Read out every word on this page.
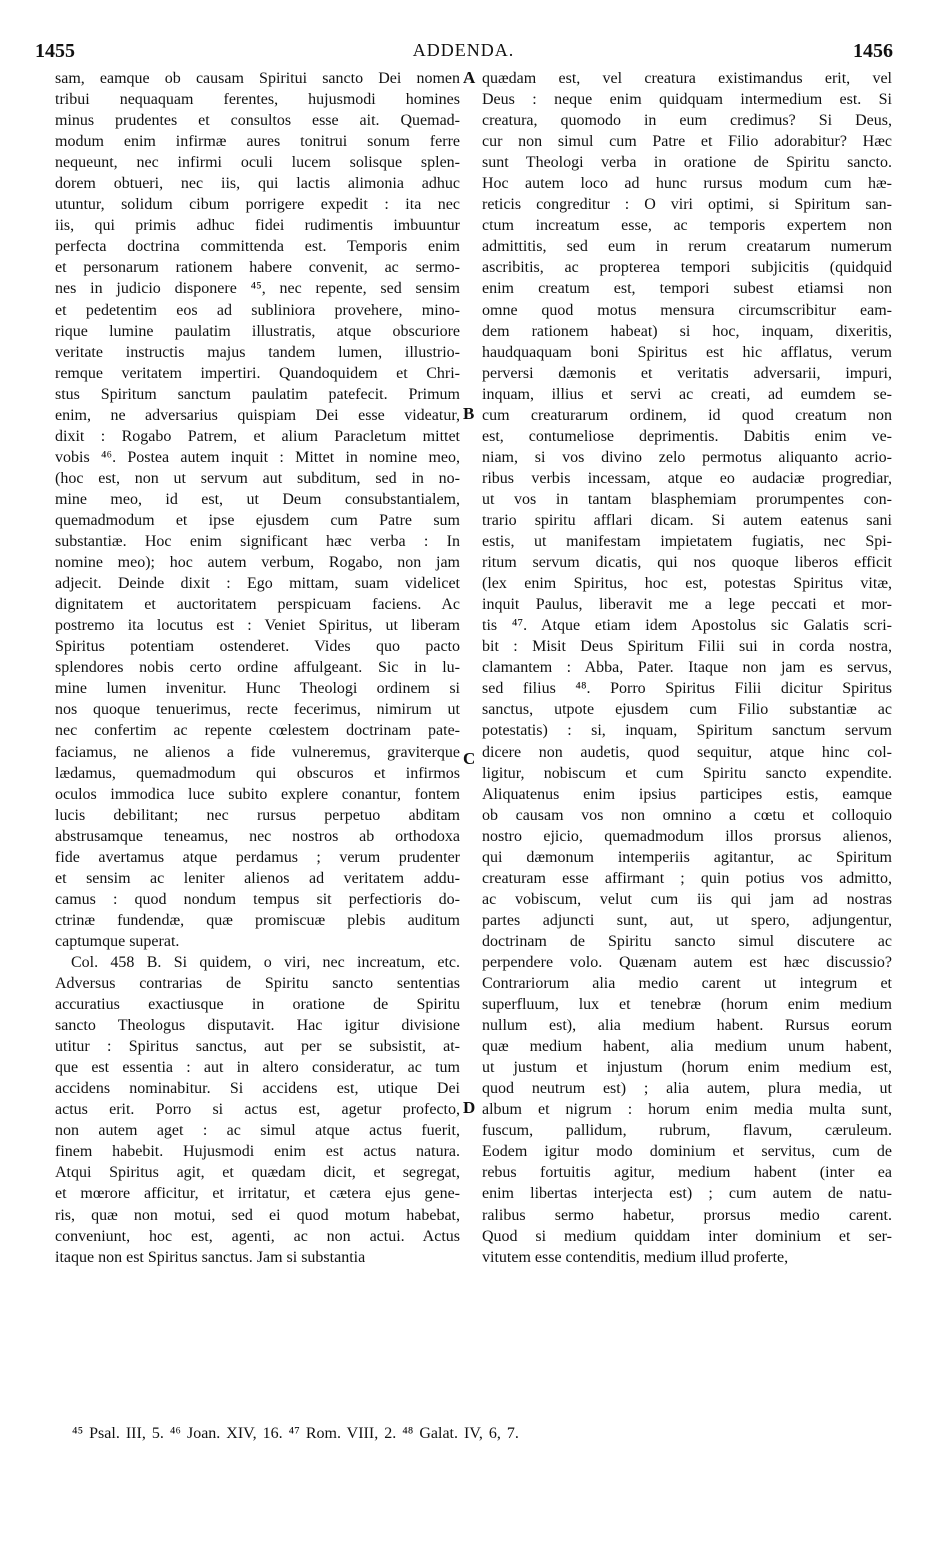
1455	ADDENDA.	1456
sam, eamque ob causam Spiritui sancto Dei nomen
tribui nequaquam ferentes, hujusmodi homines
minus prudentes et consultos esse ait. Quemad-
modum enim infirmæ aures tonitrui sonum ferre
nequeunt, nec infirmi oculi lucem solisque splen-
dorem obtueri, nec iis, qui lactis alimonia adhuc
utuntur, solidum cibum porrigere expedit : ita nec
iis, qui primis adhuc fidei rudimentis imbuuntur
perfecta doctrina committenda est. Temporis enim
et personarum rationem habere convenit, ac sermo-
nes in judicio disponere ⁴⁵, nec repente, sed sensim
et pedetentim eos ad subliniora provehere, mino-
rique lumine paulatim illustratis, atque obscuriore
veritate instructis majus tandem lumen, illustrio-
remque veritatem impertiri. Quandoquidem et Chri-
stus Spiritum sanctum paulatim patefecit. Primum
enim, ne adversarius quispiam Dei esse videatur,
dixit : Rogabo Patrem, et alium Paracletum mittet
vobis ⁴⁶. Postea autem inquit : Mittet in nomine meo,
(hoc est, non ut servum aut subditum, sed in no-
mine meo, id est, ut Deum consubstantialem,
quemadmodum et ipse ejusdem cum Patre sum
substantiæ. Hoc enim significant hæc verba : In
nomine meo); hoc autem verbum, Rogabo, non jam
adjecit. Deinde dixit : Ego mittam, suam videlicet
dignitatem et auctoritatem perspicuam faciens. Ac
postremo ita locutus est : Veniet Spiritus, ut liberam
Spiritus potentiam ostenderet. Vides quo pacto
splendores nobis certo ordine affulgeant. Sic in lu-
mine lumen invenitur. Hunc Theologi ordinem si
nos quoque tenuerimus, recte fecerimus, nimirum ut
nec confertim ac repente cœlestem doctrinam pate-
faciamus, ne alienos a fide vulneremus, graviterque
lædamus, quemadmodum qui obscuros et infirmos
oculos immodica luce subito explere conantur, fontem
lucis debilitant; nec rursus perpetuo abditam
abstrusamque teneamus, nec nostros ab orthodoxa
fide avertamus atque perdamus ; verum prudenter
et sensim ac leniter alienos ad veritatem addu-
camus : quod nondum tempus sit perfectioris do-
ctrinæ fundendæ, quæ promiscuæ plebis auditum
captumque superat.
Col. 458 B. Si quidem, o viri, nec increatum, etc.
Adversus contrarias de Spiritu sancto sententias
accuratius exactiusque in oratione de Spiritu
sancto Theologus disputavit. Hac igitur divisione
utitur : Spiritus sanctus, aut per se subsistit, at-
que est essentia : aut in altero consideratur, ac tum
accidens nominabitur. Si accidens est, utique Dei
actus erit. Porro si actus est, agetur profecto,
non autem aget : ac simul atque actus fuerit,
finem habebit. Hujusmodi enim est actus natura.
Atqui Spiritus agit, et quædam dicit, et segregat,
et mœrore afficitur, et irritatur, et cætera ejus gene-
ris, quæ non motui, sed ei quod motum habebat,
conveniunt, hoc est, agenti, ac non actui. Actus
itaque non est Spiritus sanctus. Jam si substantia
quædam est, vel creatura existimandus erit, vel
Deus : neque enim quidquam intermedium est. Si
creatura, quomodo in eum credimus? Si Deus,
cur non simul cum Patre et Filio adorabitur? Hæc
sunt Theologi verba in oratione de Spiritu sancto.
Hoc autem loco ad hunc rursus modum cum hæ-
reticis congreditur : O viri optimi, si Spiritum san-
ctum increatum esse, ac temporis expertem non
admittitis, sed eum in rerum creatarum numerum
ascribitis, ac propterea tempori subjicitis (quidquid
enim creatum est, tempori subest etiamsi non
omne quod motus mensura circumscribitur eam-
dem rationem habeat) si hoc, inquam, dixeritis,
haudquaquam boni Spiritus est hic afflatus, verum
perversi dæmonis et veritatis adversarii, impuri,
inquam, illius et servi ac creati, ad eumdem se-
cum creaturarum ordinem, id quod creatum non
est, contumeliose deprimentis. Dabitis enim ve-
niam, si vos divino zelo permotus aliquanto acrio-
ribus verbis incessam, atque eo audaciæ progrediar,
ut vos in tantam blasphemiam prorumpentes con-
trario spiritu afflari dicam. Si autem eatenus sani
estis, ut manifestam impietatem fugiatis, nec Spi-
ritum servum dicatis, qui nos quoque liberos efficit
(lex enim Spiritus, hoc est, potestas Spiritus vitæ,
inquit Paulus, liberavit me a lege peccati et mor-
tis ⁴⁷. Atque etiam idem Apostolus sic Galatis scri-
bit : Misit Deus Spiritum Filii sui in corda nostra,
clamantem : Abba, Pater. Itaque non jam es servus,
sed filius ⁴⁸. Porro Spiritus Filii dicitur Spiritus
sanctus, utpote ejusdem cum Filio substantiæ ac
potestatis) : si, inquam, Spiritum sanctum servum
dicere non audetis, quod sequitur, atque hinc col-
ligitur, nobiscum et cum Spiritu sancto expendite.
Aliquatenus enim ipsius participes estis, eamque
ob causam vos non omnino a cœtu et colloquio
nostro ejicio, quemadmodum illos prorsus alienos,
qui dæmonum intemperiis agitantur, ac Spiritum
creaturam esse affirmant ; quin potius vos admitto,
ac vobiscum, velut cum iis qui jam ad nostras
partes adjuncti sunt, aut, ut spero, adjungentur,
doctrinam de Spiritu sancto simul discutere ac
perpendere volo. Quænam autem est hæc discussio?
Contrariorum alia medio carent ut integrum et
superfluum, lux et tenebræ (horum enim medium
nullum est), alia medium habent. Rursus eorum
quæ medium habent, alia medium unum habent,
ut justum et injustum (horum enim medium est,
quod neutrum est) ; alia autem, plura media, ut
album et nigrum : horum enim media multa sunt,
fuscum, pallidum, rubrum, flavum, cæruleum.
Eodem igitur modo dominium et servitus, cum de
rebus fortuitis agitur, medium habent (inter ea
enim libertas interjecta est) ; cum autem de natu-
ralibus sermo habetur, prorsus medio carent.
Quod si medium quiddam inter dominium et ser-
vitutem esse contenditis, medium illud proferte,
A
B
C
D
⁴⁵ Psal. III, 5. ⁴⁶ Joan. XIV, 16. ⁴⁷ Rom. VIII, 2. ⁴⁸ Galat. IV, 6, 7.
